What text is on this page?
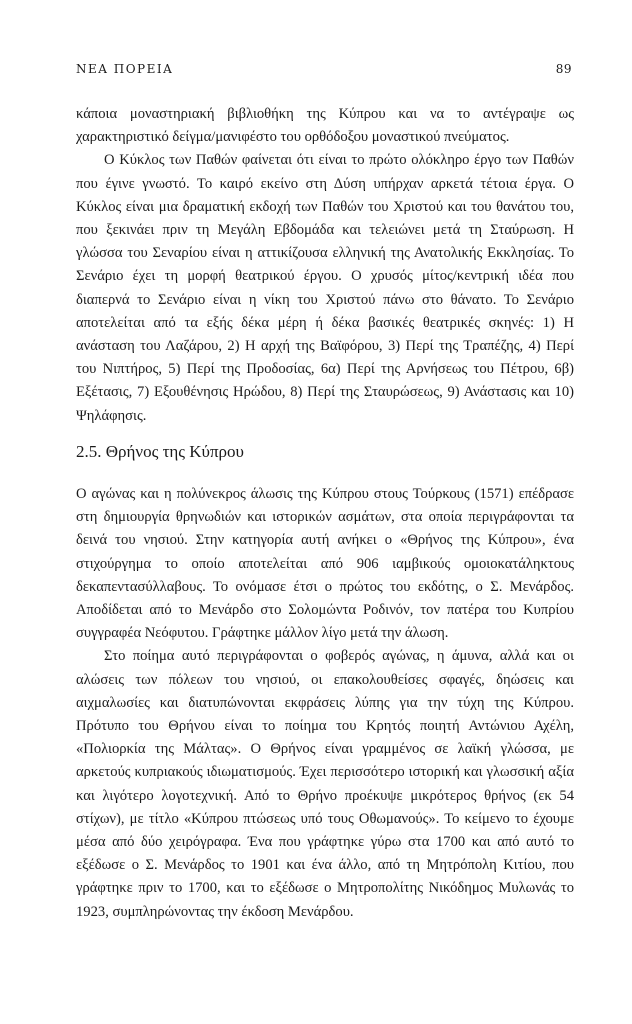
ΝΕΑ ΠΟΡΕΙΑ	89

κάποια μοναστηριακή βιβλιοθήκη της Κύπρου και να το αντέγραψε ως χαρακτηριστικό δείγμα/μανιφέστο του ορθόδοξου μοναστικού πνεύματος.

Ο Κύκλος των Παθών φαίνεται ότι είναι το πρώτο ολόκληρο έργο των Παθών που έγινε γνωστό. Το καιρό εκείνο στη Δύση υπήρχαν αρκετά τέτοια έργα. Ο Κύκλος είναι μια δραματική εκδοχή των Παθών του Χριστού και του θανάτου του, που ξεκινάει πριν τη Μεγάλη Εβδομάδα και τελειώνει μετά τη Σταύρωση. Η γλώσσα του Σεναρίου είναι η αττικίζουσα ελληνική της Ανατολικής Εκκλησίας. Το Σενάριο έχει τη μορφή θεατρικού έργου. Ο χρυσός μίτος/κεντρική ιδέα που διαπερνά το Σενάριο είναι η νίκη του Χριστού πάνω στο θάνατο. Το Σενάριο αποτελείται από τα εξής δέκα μέρη ή δέκα βασικές θεατρικές σκηνές: 1) Η ανάσταση του Λαζάρου, 2) Η αρχή της Βαϊφόρου, 3) Περί της Τραπέζης, 4) Περί του Νιπτήρος, 5) Περί της Προδοσίας, 6α) Περί της Αρνήσεως του Πέτρου, 6β) Εξέτασις, 7) Εξουθένησις Ηρώδου, 8) Περί της Σταυρώσεως, 9) Ανάστασις και 10) Ψηλάφησις.

2.5. Θρήνος της Κύπρου

Ο αγώνας και η πολύνεκρος άλωσις της Κύπρου στους Τούρκους (1571) επέδρασε στη δημιουργία θρηνωδιών και ιστορικών ασμάτων, στα οποία περιγράφονται τα δεινά του νησιού. Στην κατηγορία αυτή ανήκει ο «Θρήνος της Κύπρου», ένα στιχούργημα το οποίο αποτελείται από 906 ιαμβικούς ομοιοκατάληκτους δεκαπεντασύλλαβους. Το ονόμασε έτσι ο πρώτος του εκδότης, ο Σ. Μενάρδος. Αποδίδεται από το Μενάρδο στο Σολομώντα Ροδινόν, τον πατέρα του Κυπρίου συγγραφέα Νεόφυτου. Γράφτηκε μάλλον λίγο μετά την άλωση.

Στο ποίημα αυτό περιγράφονται ο φοβερός αγώνας, η άμυνα, αλλά και οι αλώσεις των πόλεων του νησιού, οι επακολουθείσες σφαγές, δηώσεις και αιχμαλωσίες και διατυπώνονται εκφράσεις λύπης για την τύχη της Κύπρου. Πρότυπο του Θρήνου είναι το ποίημα του Κρητός ποιητή Αντώνιου Αχέλη, «Πολιορκία της Μάλτας». Ο Θρήνος είναι γραμμένος σε λαϊκή γλώσσα, με αρκετούς κυπριακούς ιδιωματισμούς. Έχει περισσότερο ιστορική και γλωσσική αξία και λιγότερο λογοτεχνική. Από το Θρήνο προέκυψε μικρότερος θρήνος (εκ 54 στίχων), με τίτλο «Κύπρου πτώσεως υπό τους Οθωμανούς». Το κείμενο το έχουμε μέσα από δύο χειρόγραφα. Ένα που γράφτηκε γύρω στα 1700 και από αυτό το εξέδωσε ο Σ. Μενάρδος το 1901 και ένα άλλο, από τη Μητρόπολη Κιτίου, που γράφτηκε πριν το 1700, και το εξέδωσε ο Μητροπολίτης Νικόδημος Μυλωνάς το 1923, συμπληρώνοντας την έκδοση Μενάρδου.
